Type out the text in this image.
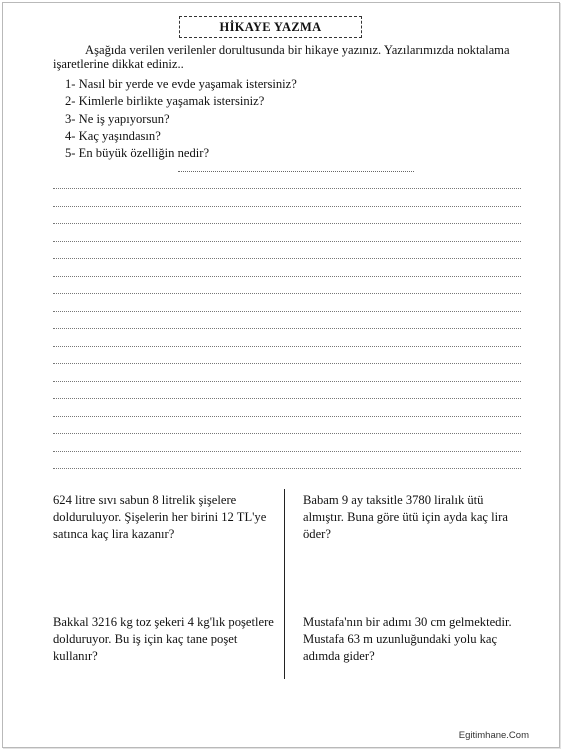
HİKAYE YAZMA
Aşağıda verilen verilenler dorultusunda bir hikaye yazınız. Yazılarımızda noktalama işaretlerine dikkat ediniz..
1- Nasıl bir yerde ve evde yaşamak istersiniz?
2- Kimlerle birlikte yaşamak istersiniz?
3- Ne iş yapıyorsun?
4- Kaç yaşındasın?
5- En büyük özelliğin nedir?
624 litre sıvı sabun 8 litrelik şişelere dolduruluyor. Şişelerin her birini 12 TL'ye satınca kaç lira kazanır?
Babam 9 ay taksitle 3780 liralık ütü almıştır. Buna göre ütü için ayda kaç lira öder?
Bakkal 3216 kg toz şekeri 4 kg'lık poşetlere dolduruyor. Bu iş için kaç tane poşet kullanır?
Mustafa'nın bir adımı 30 cm gelmektedir. Mustafa 63 m uzunluğundaki yolu kaç adımda gider?
Egitimhane.Com
